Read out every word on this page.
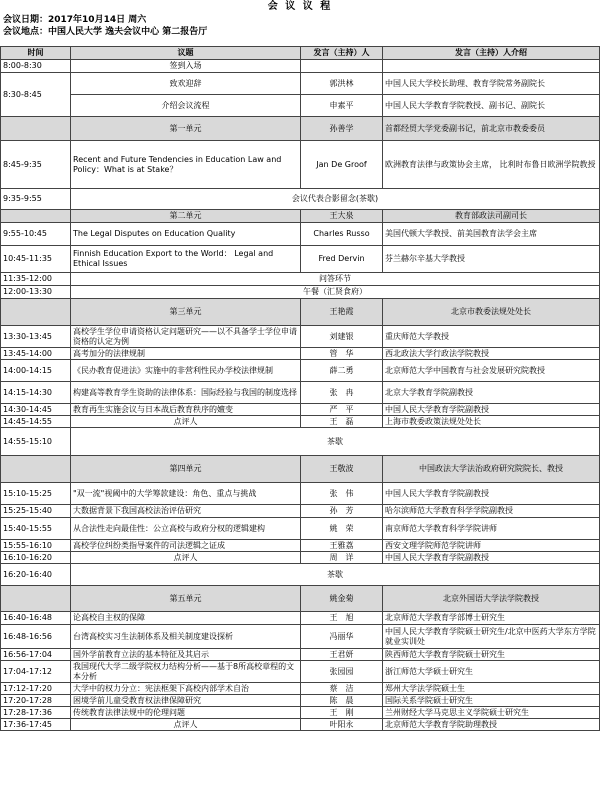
会 议 议 程
会议日期：2017年10月14日 周六
会议地点：中国人民大学 逸夫会议中心 第二报告厅
时间	议题	发言（主持）人	发言（主持）人介绍
8:00-8:30	签到入场		
8:30-8:45	致欢迎辞	郭洪林	中国人民大学校长助理、教育学院常务副院长
	介绍会议流程	申素平	中国人民大学教育学院教授、副书记、副院长
	第一单元	孙善学	首都经贸大学党委副书记，前北京市教委委员
8:45-9:35	Recent and Future Tendencies in Education Law and Policy：What is at Stake？	Jan De Groof	欧洲教育法律与政策协会主席， 比利时布鲁日欧洲学院教授
9:35-9:55	会议代表合影留念(茶歇)		
	第二单元	王大泉	教育部政法司副司长
9:55-10:45	The Legal Disputes on Education Quality	Charles Russo	美国代顿大学教授、前美国教育法学会主席
10:45-11:35	Finnish Education Export to the World： Legal and Ethical Issues	Fred Dervin	芬兰赫尔辛基大学教授
11:35-12:00	问答环节		
12:00-13:30	午餐（汇贤食府）		
	第三单元	王艳霞	北京市教委法规处处长
13:30-13:45	高校学生学位申请资格认定问题研究——以不具备学士学位申请资格的认定为例	刘建银	重庆师范大学教授
13:45-14:00	高考加分的法律规制	管　华	西北政法大学行政法学院教授
14:00-14:15	《民办教育促进法》实施中的非营利性民办学校法律规制	薛二勇	北京师范大学中国教育与社会发展研究院教授
14:15-14:30	构建高等教育学生资助的法律体系：国际经验与我国的制度选择	张　冉	北京大学教育学院副教授
14:30-14:45	教育再生实施会议与日本战后教育秩序的嬗变	严　平	中国人民大学教育学院副教授
14:45-14:55	点评人	王　磊	上海市教委政策法规处处长
14:55-15:10	茶歇		
	第四单元	王敬波	中国政法大学法治政府研究院院长、教授
15:10-15:25	"双一流"视阈中的大学筹款建设：角色、重点与挑战	张　伟	中国人民大学教育学院副教授
15:25-15:40	大数据背景下我国高校法治评估研究	孙　芳	哈尔滨师范大学教育科学学院副教授
15:40-15:55	从合法性走向最佳性：公立高校与政府分权的逻辑建构	姚　荣	南京师范大学教育科学学院讲师
15:55-16:10	高校学位纠纷类指导案件的司法逻辑之证成	王雅荔	西安文理学院师范学院讲师
16:10-16:20	点评人	周　详	中国人民大学教育学院副教授
16:20-16:40	茶歇		
	第五单元	姚金菊	北京外国语大学法学院教授
16:40-16:48	论高校自主权的保障	王　旭	北京师范大学教育学部博士研究生
16:48-16:56	台湾高校实习生法制体系及相关制度建设探析	冯丽华	中国人民大学教育学院硕士研究生/北京中医药大学东方学院就业实训处
16:56-17:04	国外学前教育立法的基本特征及其启示	王君妍	陕西师范大学教育学院硕士研究生
17:04-17:12	我国现代大学二级学院权力结构分析——基于8所高校章程的文本分析	张园园	浙江师范大学硕士研究生
17:12-17:20	大学中的权力分立：宪法框架下高校内部学术自治	蔡　洁	郑州大学法学院硕士生
17:20-17:28	困境学前儿童受教育权法律保障研究	陈　晨	国际关系学院硕士研究生
17:28-17:36	传统教育法律法规中的伦理问题	王　刚	兰州财经大学马克思主义学院硕士研究生
17:36-17:45	点评人	叶阳永	北京师范大学教育学院助理教授
